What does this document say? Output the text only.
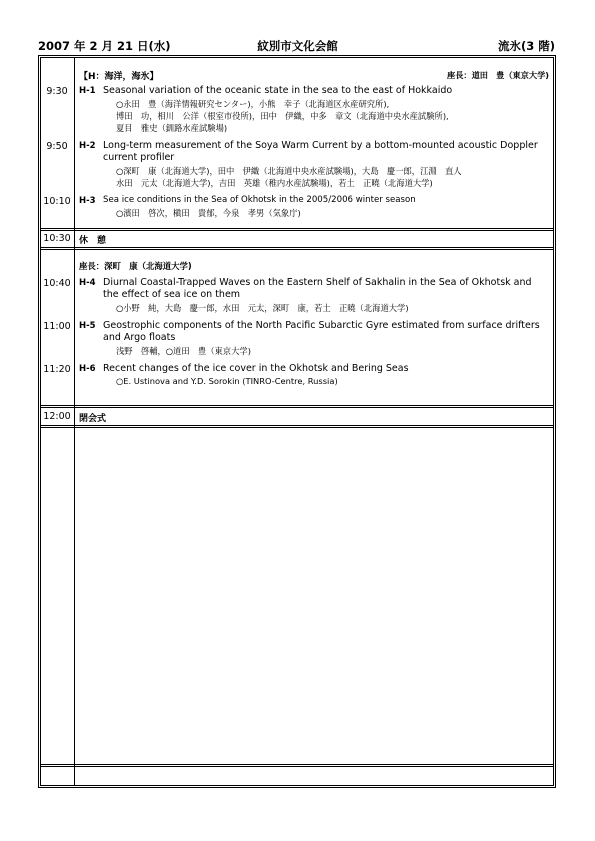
2007 年 2 月 21 日(水)	紋別市文化会館	流氷(3 階)
【H：海洋，海氷】	座長：道田　豊（東京大学)
9:30	H-1 Seasonal variation of the oceanic state in the sea to the east of Hokkaido
○永田　豊（海洋情報研究センター)，小熊　幸子（北海道区水産研究所),
博田　功，相川　公洋（根室市役所)，田中　伊織，中多　章文（北海道中央水産試験所),
夏目　雅史（釧路水産試験場)
9:50	H-2 Long-term measurement of the Soya Warm Current by a bottom-mounted acoustic Doppler
current profiler
○深町　康（北海道大学)，田中　伊織（北海道中央水産試験場)，大島　慶一郎，江淵　直人
水田　元太（北海道大学)，吉田　英雄（稚内水産試験場)，若土　正曉（北海道大学)
10:10 H-3 Sea ice conditions in the Sea of Okhotsk in the 2005/2006 winter season
○濱田　啓次，槇田　貴郁，今泉　孝男（気象庁)
10:30 休　憩
座長：深町　康（北海道大学)
10:40 H-4 Diurnal Coastal-Trapped Waves on the Eastern Shelf of Sakhalin in the Sea of Okhotsk and
the effect of sea ice on them
○小野　純，大島　慶一郎，水田　元太，深町　康，若土　正曉（北海道大学)
11:00 H-5 Geostrophic components of the North Pacific Subarctic Gyre estimated from surface drifters
and Argo floats
浅野　啓輔，○道田　豊（東京大学)
11:20 H-6 Recent changes of the ice cover in the Okhotsk and Bering Seas
○E. Ustinova and Y.D. Sorokin (TINRO-Centre, Russia)
12:00 閉会式
